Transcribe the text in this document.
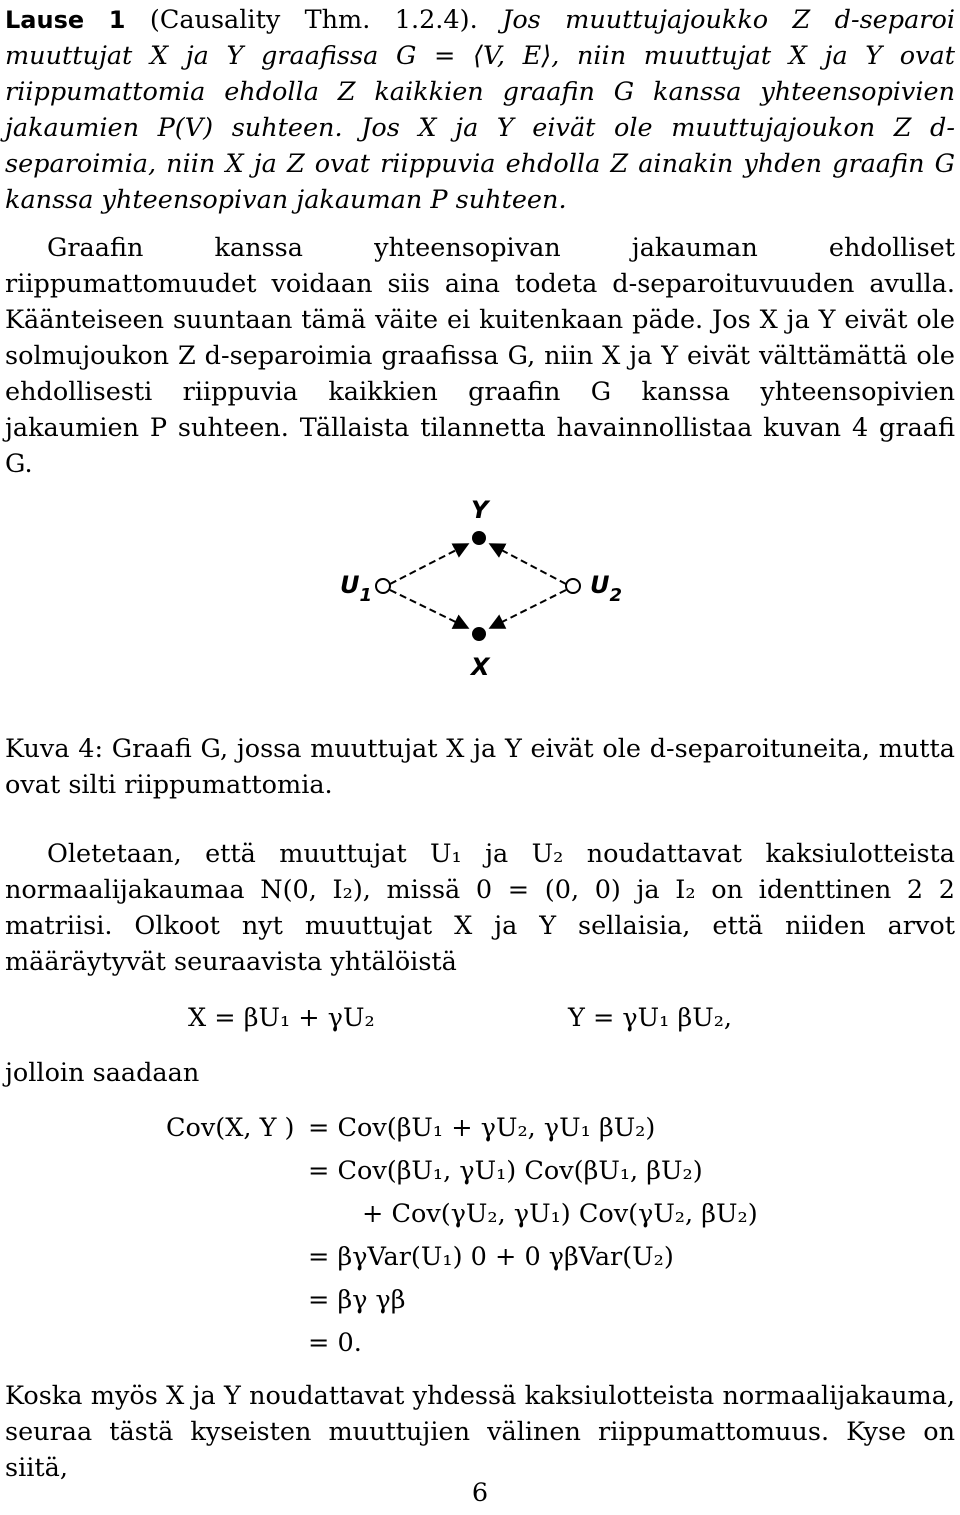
Lause 1 (Causality Thm. 1.2.4). Jos muuttujajoukko Z d-separoi muuttujat X ja Y graafissa G = ⟨V, E⟩, niin muuttujat X ja Y ovat riippumattomia ehdolla Z kaikkien graafin G kanssa yhteensopivien jakaumien P(V) suhteen. Jos X ja Y eivät ole muuttujajoukon Z d-separoimia, niin X ja Z ovat riippuvia ehdolla Z ainakin yhden graafin G kanssa yhteensopivan jakauman P suhteen.
Graafin kanssa yhteensopivan jakauman ehdolliset riippumattomuudet voidaan siis aina todeta d-separoituvuuden avulla. Käänteiseen suuntaan tämä väite ei kuitenkaan päde. Jos X ja Y eivät ole solmujoukon Z d-separoimia graafissa G, niin X ja Y eivät välttämättä ole ehdollisesti riippuvia kaikkien graafin G kanssa yhteensopivien jakaumien P suhteen. Tällaista tilannetta havainnollistaa kuvan 4 graafi G.
Y
X
$U_1$	$U_2$
Kuva 4: Graafi G, jossa muuttujat X ja Y eivät ole d-separoituneita, mutta ovat silti riippumattomia.
Oletetaan, että muuttujat U₁ ja U₂ noudattavat kaksiulotteista normaalijakaumaa N(0, I₂), missä 0 = (0, 0) ja I₂ on identtinen 2 2 matriisi. Olkoot nyt muuttujat X ja Y sellaisia, että niiden arvot määräytyvät seuraavista yhtälöistä
X = βU₁ + γU₂	Y = γU₁ βU₂,
jolloin saadaan
Cov(X, Y ) = Cov(βU₁ + γU₂, γU₁ βU₂)
= Cov(βU₁, γU₁) Cov(βU₁, βU₂)
+ Cov(γU₂, γU₁) Cov(γU₂, βU₂)
= βγVar(U₁) 0 + 0 γβVar(U₂)
= βγ γβ
= 0.
Koska myös X ja Y noudattavat yhdessä kaksiulotteista normaalijakauma, seuraa tästä kyseisten muuttujien välinen riippumattomuus. Kyse on siitä,
6
